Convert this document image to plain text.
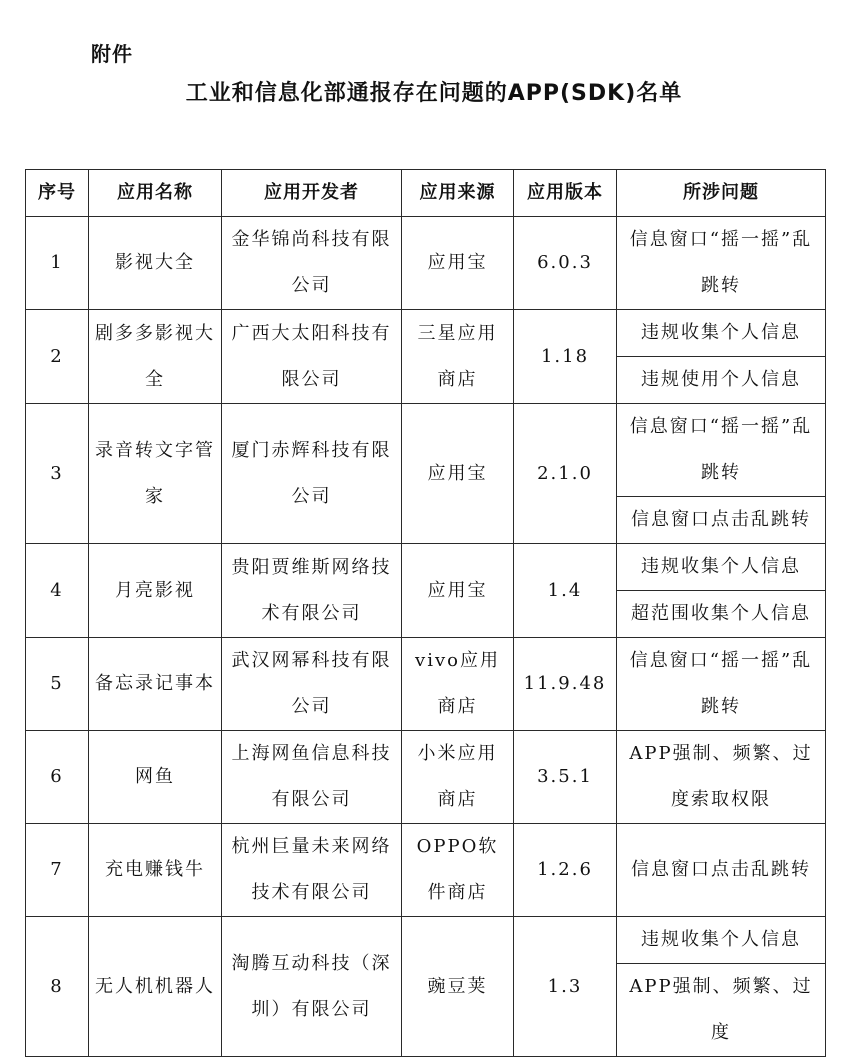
附件
工业和信息化部通报存在问题的APP(SDK)名单
序号	应用名称	应用开发者	应用来源	应用版本	所涉问题
1	影视大全	金华锦尚科技有限公司	应用宝	6.0.3	信息窗口“摇一摇”乱跳转
2	剧多多影视大全	广西大太阳科技有限公司	三星应用商店	1.18	违规收集个人信息
					违规使用个人信息
3	录音转文字管家	厦门赤辉科技有限公司	应用宝	2.1.0	信息窗口“摇一摇”乱跳转
					信息窗口点击乱跳转
4	月亮影视	贵阳贾维斯网络技术有限公司	应用宝	1.4	违规收集个人信息
					超范围收集个人信息
5	备忘录记事本	武汉网幂科技有限公司	vivo应用商店	11.9.48	信息窗口“摇一摇”乱跳转
6	网鱼	上海网鱼信息科技有限公司	小米应用商店	3.5.1	APP强制、频繁、过度索取权限
7	充电赚钱牛	杭州巨量未来网络技术有限公司	OPPO软件商店	1.2.6	信息窗口点击乱跳转
8	无人机机器人	淘腾互动科技（深圳）有限公司	豌豆荚	1.3	违规收集个人信息
					APP强制、频繁、过度
